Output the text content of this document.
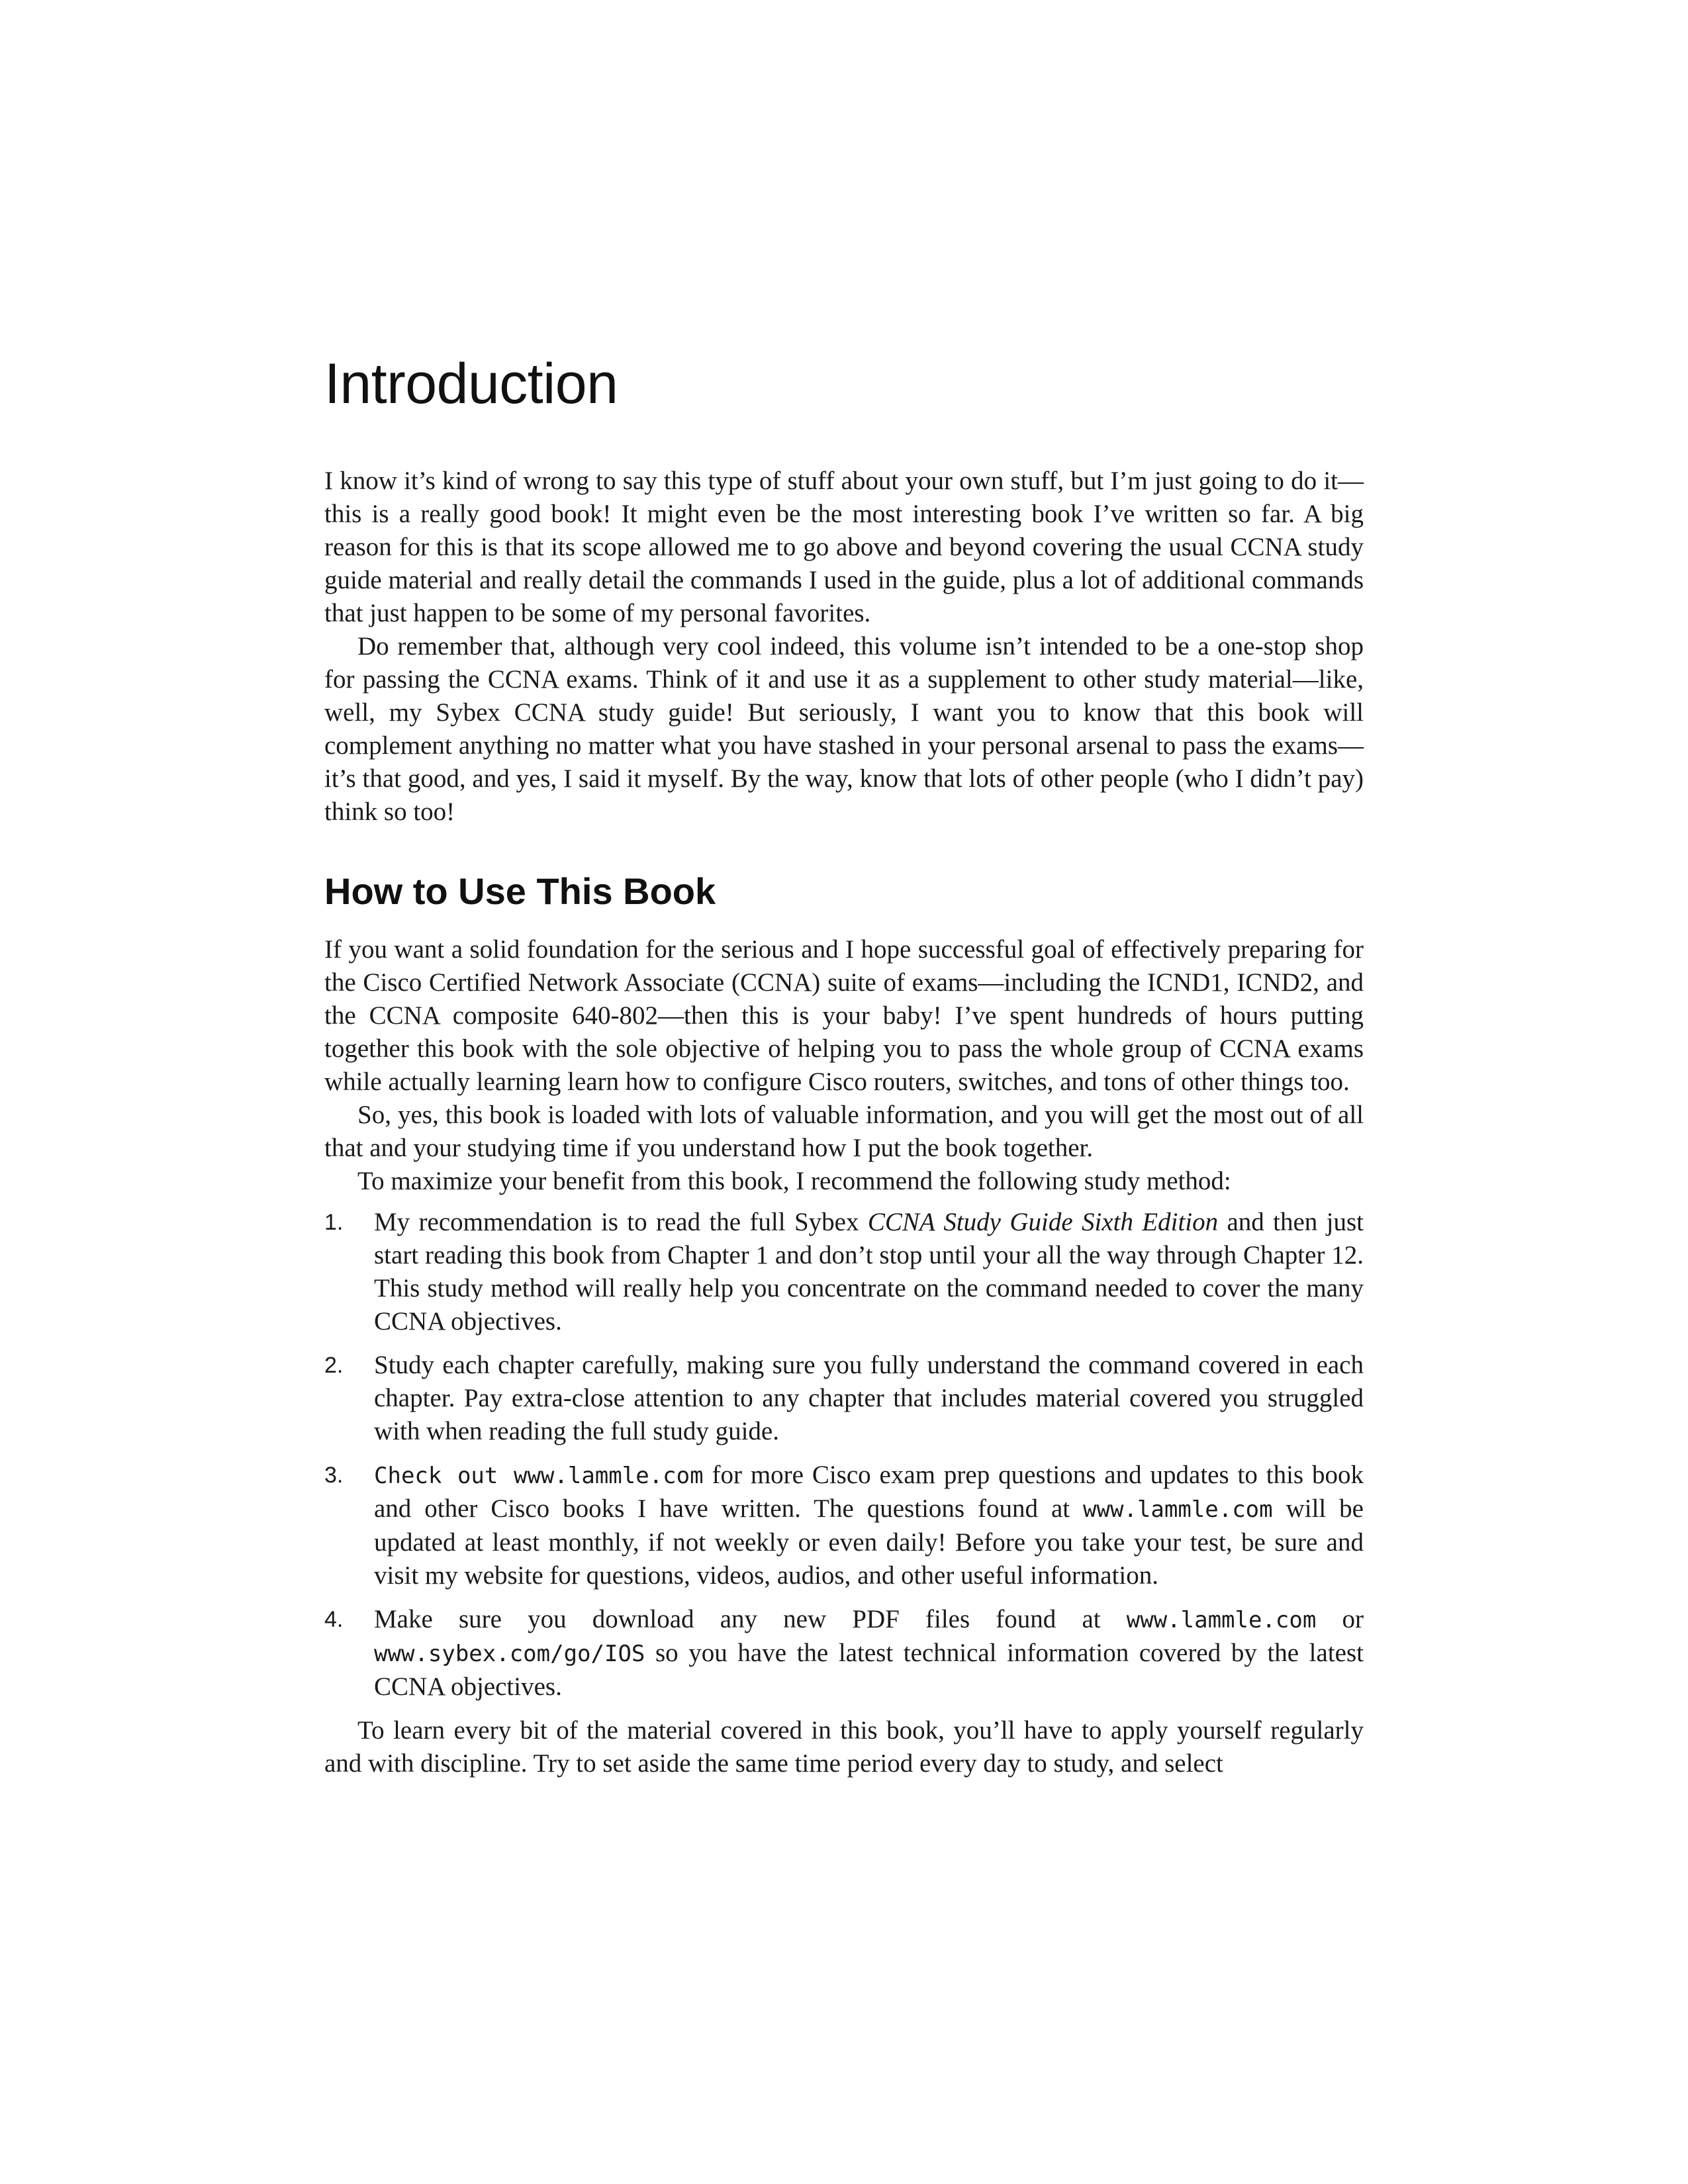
Introduction

I know it’s kind of wrong to say this type of stuff about your own stuff, but I’m just going to do it—this is a really good book! It might even be the most interesting book I’ve written so far. A big reason for this is that its scope allowed me to go above and beyond covering the usual CCNA study guide material and really detail the commands I used in the guide, plus a lot of additional commands that just happen to be some of my personal favorites.

Do remember that, although very cool indeed, this volume isn’t intended to be a one-stop shop for passing the CCNA exams. Think of it and use it as a supplement to other study material—like, well, my Sybex CCNA study guide! But seriously, I want you to know that this book will complement anything no matter what you have stashed in your personal arsenal to pass the exams—it’s that good, and yes, I said it myself. By the way, know that lots of other people (who I didn’t pay) think so too!

How to Use This Book

If you want a solid foundation for the serious and I hope successful goal of effectively preparing for the Cisco Certified Network Associate (CCNA) suite of exams—including the ICND1, ICND2, and the CCNA composite 640-802—then this is your baby! I’ve spent hundreds of hours putting together this book with the sole objective of helping you to pass the whole group of CCNA exams while actually learning learn how to configure Cisco routers, switches, and tons of other things too.

So, yes, this book is loaded with lots of valuable information, and you will get the most out of all that and your studying time if you understand how I put the book together.

To maximize your benefit from this book, I recommend the following study method:

1. My recommendation is to read the full Sybex CCNA Study Guide Sixth Edition and then just start reading this book from Chapter 1 and don’t stop until your all the way through Chapter 12. This study method will really help you concentrate on the command needed to cover the many CCNA objectives.
2. Study each chapter carefully, making sure you fully understand the command covered in each chapter. Pay extra-close attention to any chapter that includes material covered you struggled with when reading the full study guide.
3. Check out www.lammle.com for more Cisco exam prep questions and updates to this book and other Cisco books I have written. The questions found at www.lammle.com will be updated at least monthly, if not weekly or even daily! Before you take your test, be sure and visit my website for questions, videos, audios, and other useful information.
4. Make sure you download any new PDF files found at www.lammle.com or www.sybex.com/go/IOS so you have the latest technical information covered by the latest CCNA objectives.

To learn every bit of the material covered in this book, you’ll have to apply yourself regularly and with discipline. Try to set aside the same time period every day to study, and select
